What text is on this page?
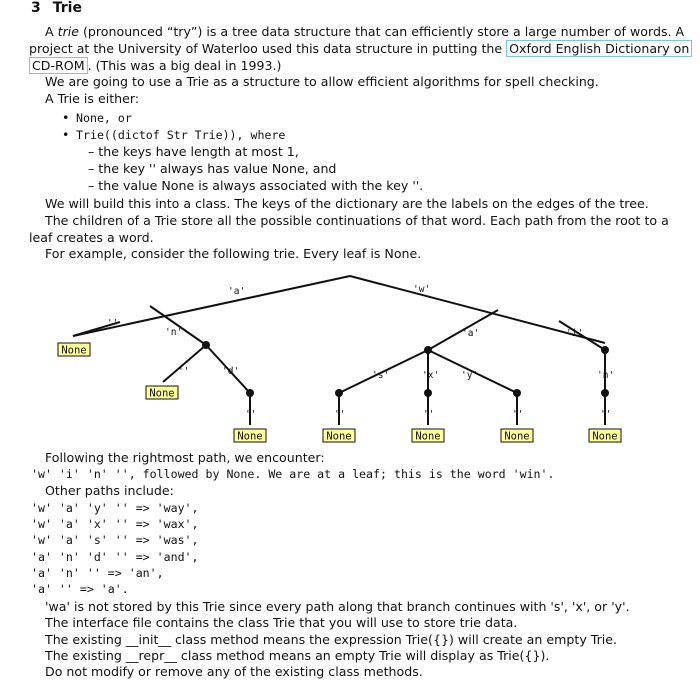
3 Trie
A trie (pronounced “try”) is a tree data structure that can efficiently store a large number of words. A
project at the University of Waterloo used this data structure in putting the Oxford English Dictionary on
CD-ROM . (This was a big deal in 1993.)
We are going to use a Trie as a structure to allow efficient algorithms for spell checking.
A Trie is either:
• None, or
• Trie((dictof Str Trie)), where
– the keys have length at most 1,
– the key '' always has value None, and
– the value None is always associated with the key ''.
We will build this into a class. The keys of the dictionary are the labels on the edges of the tree.
The children of a Trie store all the possible continuations of that word. Each path from the root to a
leaf creates a word.
For example, consider the following trie. Every leaf is None.
None
None
None	None	None	None	None
'a'	'w'
''
'n'	'a'	'i'
''	'd'	's'	'x' 'y'	'n'
''	''	''	''	''
Following the rightmost path, we encounter:
'w' 'i' 'n' '', followed by None. We are at a leaf; this is the word 'win'.
Other paths include:
'w' 'a' 'y' '' => 'way',
'w' 'a' 'x' '' => 'wax',
'w' 'a' 's' '' => 'was',
'a' 'n' 'd' '' => 'and',
'a' 'n' '' => 'an',
'a' '' => 'a'.
'wa' is not stored by this Trie since every path along that branch continues with 's', 'x', or 'y'.
The interface file contains the class Trie that you will use to store trie data.
The existing __init__ class method means the expression Trie({}) will create an empty Trie.
The existing __repr__ class method means an empty Trie will display as Trie({}).
Do not modify or remove any of the existing class methods.
